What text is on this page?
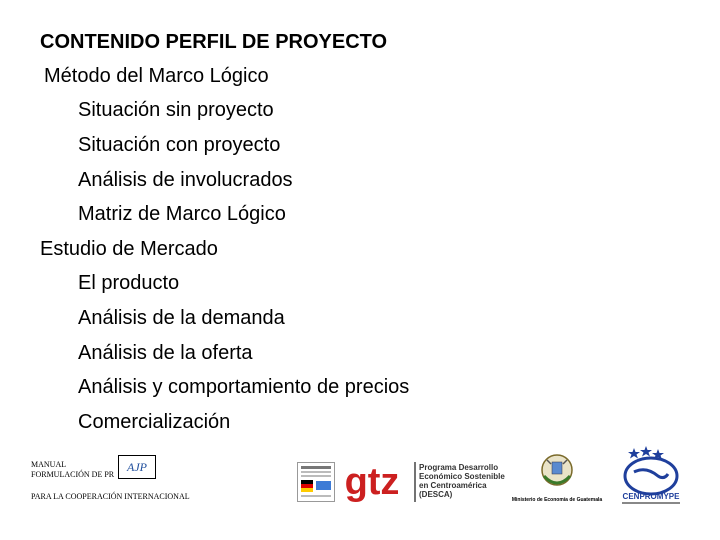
CONTENIDO PERFIL DE PROYECTO
Método del Marco Lógico
Situación sin proyecto
Situación con proyecto
Análisis de involucrados
Matriz de Marco Lógico
Estudio de Mercado
El producto
Análisis de la demanda
Análisis de la oferta
Análisis y comportamiento de precios
Comercialización
MANUAL
FORMULACIÓN DE PR
AJP
PARA LA COOPERACIÓN INTERNACIONAL	gtz Programa Desarrollo
Económico Sostenible
en Centroamérica
(DESCA)
Ministerio de Economía de Guatemala	CENPROMYPE
